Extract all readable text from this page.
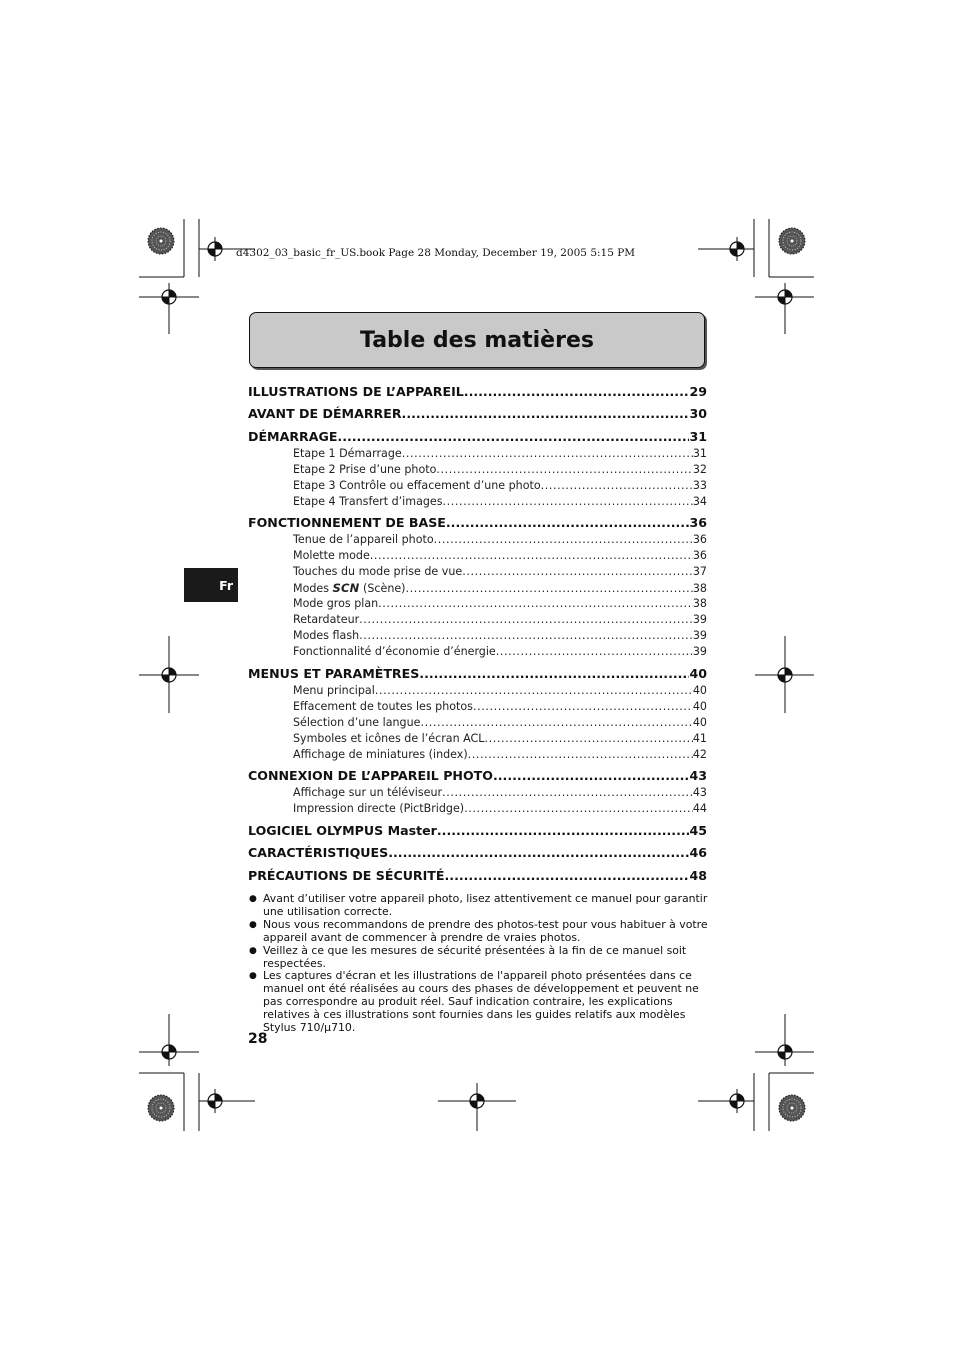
d4302_03_basic_fr_US.book Page 28 Monday, December 19, 2005 5:15 PM
Table des matières
Fr
ILLUSTRATIONS DE L’APPAREIL .....	29
AVANT DE DÉMARRER .....	30
DÉMARRAGE .....	31
Etape 1 Démarrage .....	31
Etape 2 Prise d’une photo .....	32
Etape 3 Contrôle ou effacement d’une photo .....	33
Etape 4 Transfert d’images .....	34
FONCTIONNEMENT DE BASE .....	36
Tenue de l’appareil photo .....	36
Molette mode .....	36
Touches du mode prise de vue .....	37
Modes SCN (Scène) .....	38
Mode gros plan .....	38
Retardateur .....	39
Modes flash .....	39
Fonctionnalité d’économie d’énergie .....	39
MENUS ET PARAMÈTRES .....	40
Menu principal .....	40
Effacement de toutes les photos .....	40
Sélection d’une langue .....	40
Symboles et icônes de l’écran ACL .....	41
Affichage de miniatures (index) .....	42
CONNEXION DE L’APPAREIL PHOTO .....	43
Affichage sur un téléviseur .....	43
Impression directe (PictBridge) .....	44
LOGICIEL OLYMPUS Master .....	45
CARACTÉRISTIQUES .....	46
PRÉCAUTIONS DE SÉCURITÉ .....	48
● Avant d’utiliser votre appareil photo, lisez attentivement ce manuel pour garantir une utilisation correcte.
● Nous vous recommandons de prendre des photos-test pour vous habituer à votre appareil avant de commencer à prendre de vraies photos.
● Veillez à ce que les mesures de sécurité présentées à la fin de ce manuel soit respectées.
● Les captures d'écran et les illustrations de l'appareil photo présentées dans ce manuel ont été réalisées au cours des phases de développement et peuvent ne pas correspondre au produit réel. Sauf indication contraire, les explications relatives à ces illustrations sont fournies dans les guides relatifs aux modèles Stylus 710/µ710.
28
